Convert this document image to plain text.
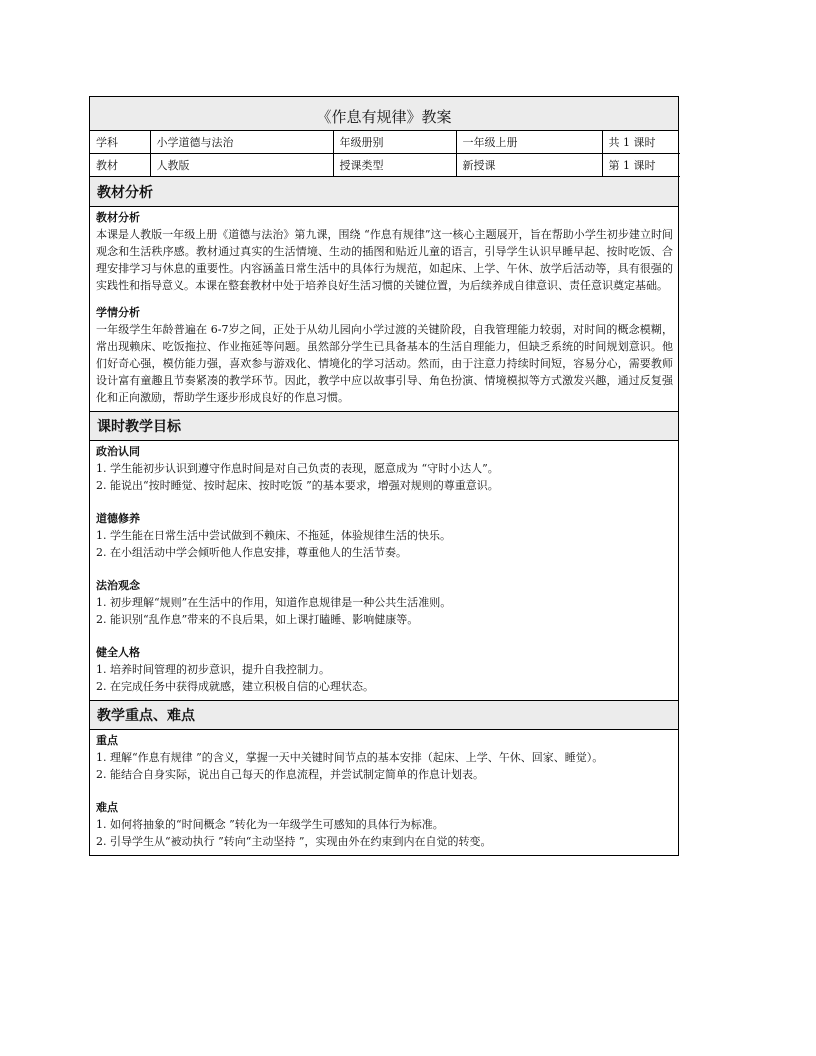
《作息有规律》教案
学科	小学道德与法治	年级册别	一年级上册	共 1 课时
教材	人教版	授课类型	新授课	第 1 课时
教材分析
教材分析
本课是人教版一年级上册《道德与法治》第九课，围绕 “作息有规律”这一核心主题展开，旨在帮助小学生初步建立时间观念和生活秩序感。教材通过真实的生活情境、生动的插图和贴近儿童的语言，引导学生认识早睡早起、按时吃饭、合理安排学习与休息的重要性。内容涵盖日常生活中的具体行为规范，如起床、上学、午休、放学后活动等，具有很强的实践性和指导意义。本课在整套教材中处于培养良好生活习惯的关键位置，为后续养成自律意识、责任意识奠定基础。
学情分析
一年级学生年龄普遍在 6-7岁之间，正处于从幼儿园向小学过渡的关键阶段，自我管理能力较弱，对时间的概念模糊，常出现赖床、吃饭拖拉、作业拖延等问题。虽然部分学生已具备基本的生活自理能力，但缺乏系统的时间规划意识。他们好奇心强，模仿能力强，喜欢参与游戏化、情境化的学习活动。然而，由于注意力持续时间短，容易分心，需要教师设计富有童趣且节奏紧凑的教学环节。因此，教学中应以故事引导、角色扮演、情境模拟等方式激发兴趣，通过反复强化和正向激励，帮助学生逐步形成良好的作息习惯。
课时教学目标
政治认同
1. 学生能初步认识到遵守作息时间是对自己负责的表现，愿意成为 “守时小达人”。
2. 能说出“按时睡觉、按时起床、按时吃饭 ”的基本要求，增强对规则的尊重意识。
道德修养
1. 学生能在日常生活中尝试做到不赖床、不拖延，体验规律生活的快乐。
2. 在小组活动中学会倾听他人作息安排，尊重他人的生活节奏。
法治观念
1. 初步理解“规则”在生活中的作用，知道作息规律是一种公共生活准则。
2. 能识别“乱作息”带来的不良后果，如上课打瞌睡、影响健康等。
健全人格
1. 培养时间管理的初步意识，提升自我控制力。
2. 在完成任务中获得成就感，建立积极自信的心理状态。
教学重点、难点
重点
1. 理解“作息有规律 ”的含义，掌握一天中关键时间节点的基本安排（起床、上学、午休、回家、睡觉）。
2. 能结合自身实际，说出自己每天的作息流程，并尝试制定简单的作息计划表。
难点
1. 如何将抽象的“时间概念 ”转化为一年级学生可感知的具体行为标准。
2. 引导学生从“被动执行 ”转向“主动坚持 ”，实现由外在约束到内在自觉的转变。
